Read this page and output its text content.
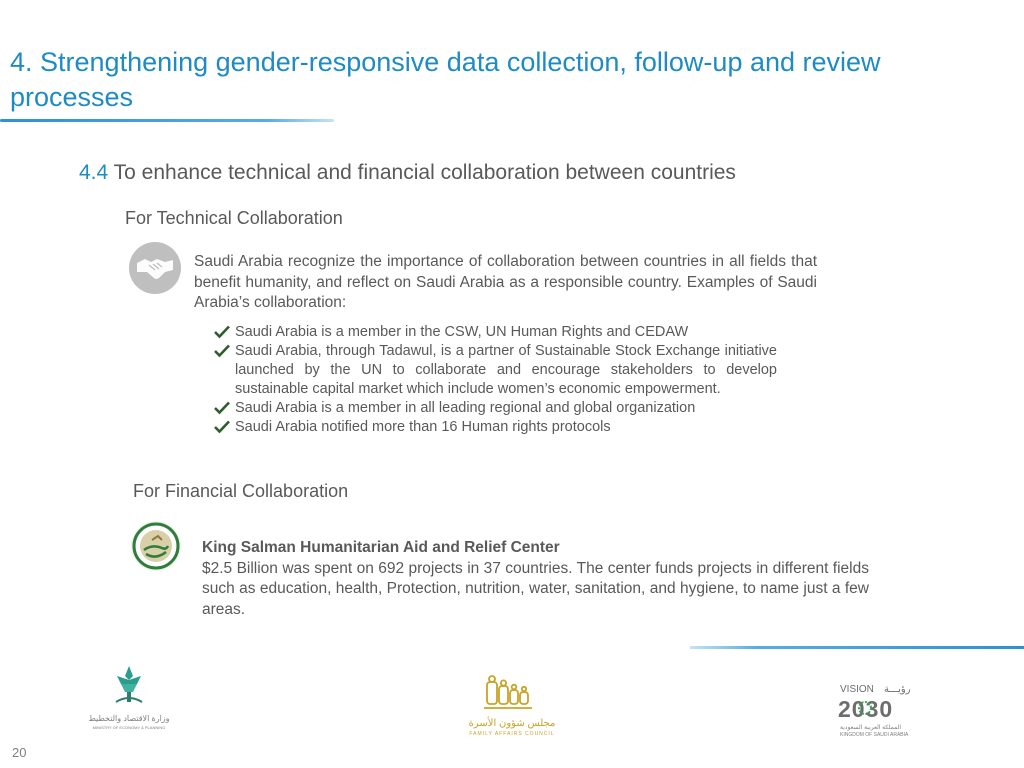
4. Strengthening gender-responsive data collection, follow-up and review processes
4.4 To enhance technical and financial collaboration between countries
For Technical Collaboration
Saudi Arabia recognize the importance of collaboration between countries in all fields that benefit humanity, and reflect on Saudi Arabia as a responsible country. Examples of Saudi Arabia’s collaboration:
Saudi Arabia is a member in the CSW, UN Human Rights and CEDAW
Saudi Arabia, through Tadawul, is a partner of Sustainable Stock Exchange initiative launched by the UN to collaborate and encourage stakeholders to develop sustainable capital market which include women’s economic empowerment.
Saudi Arabia is a member in all leading regional and global organization
Saudi Arabia notified more than 16 Human rights protocols
For Financial Collaboration
King Salman Humanitarian Aid and Relief Center
$2.5 Billion was spent on 692 projects in 37 countries. The center funds projects in different fields such as education, health, Protection, nutrition, water, sanitation, and hygiene, to name just a few areas.
وزارة الاقتصاد والتخطيط
MINISTRY OF ECONOMY & PLANNING	مجلس شؤون الأسرة
FAMILY AFFAIRS COUNCIL
VISION رؤيـــة
2030
المملكة العربية السعودية
KINGDOM OF SAUDI ARABIA
20
